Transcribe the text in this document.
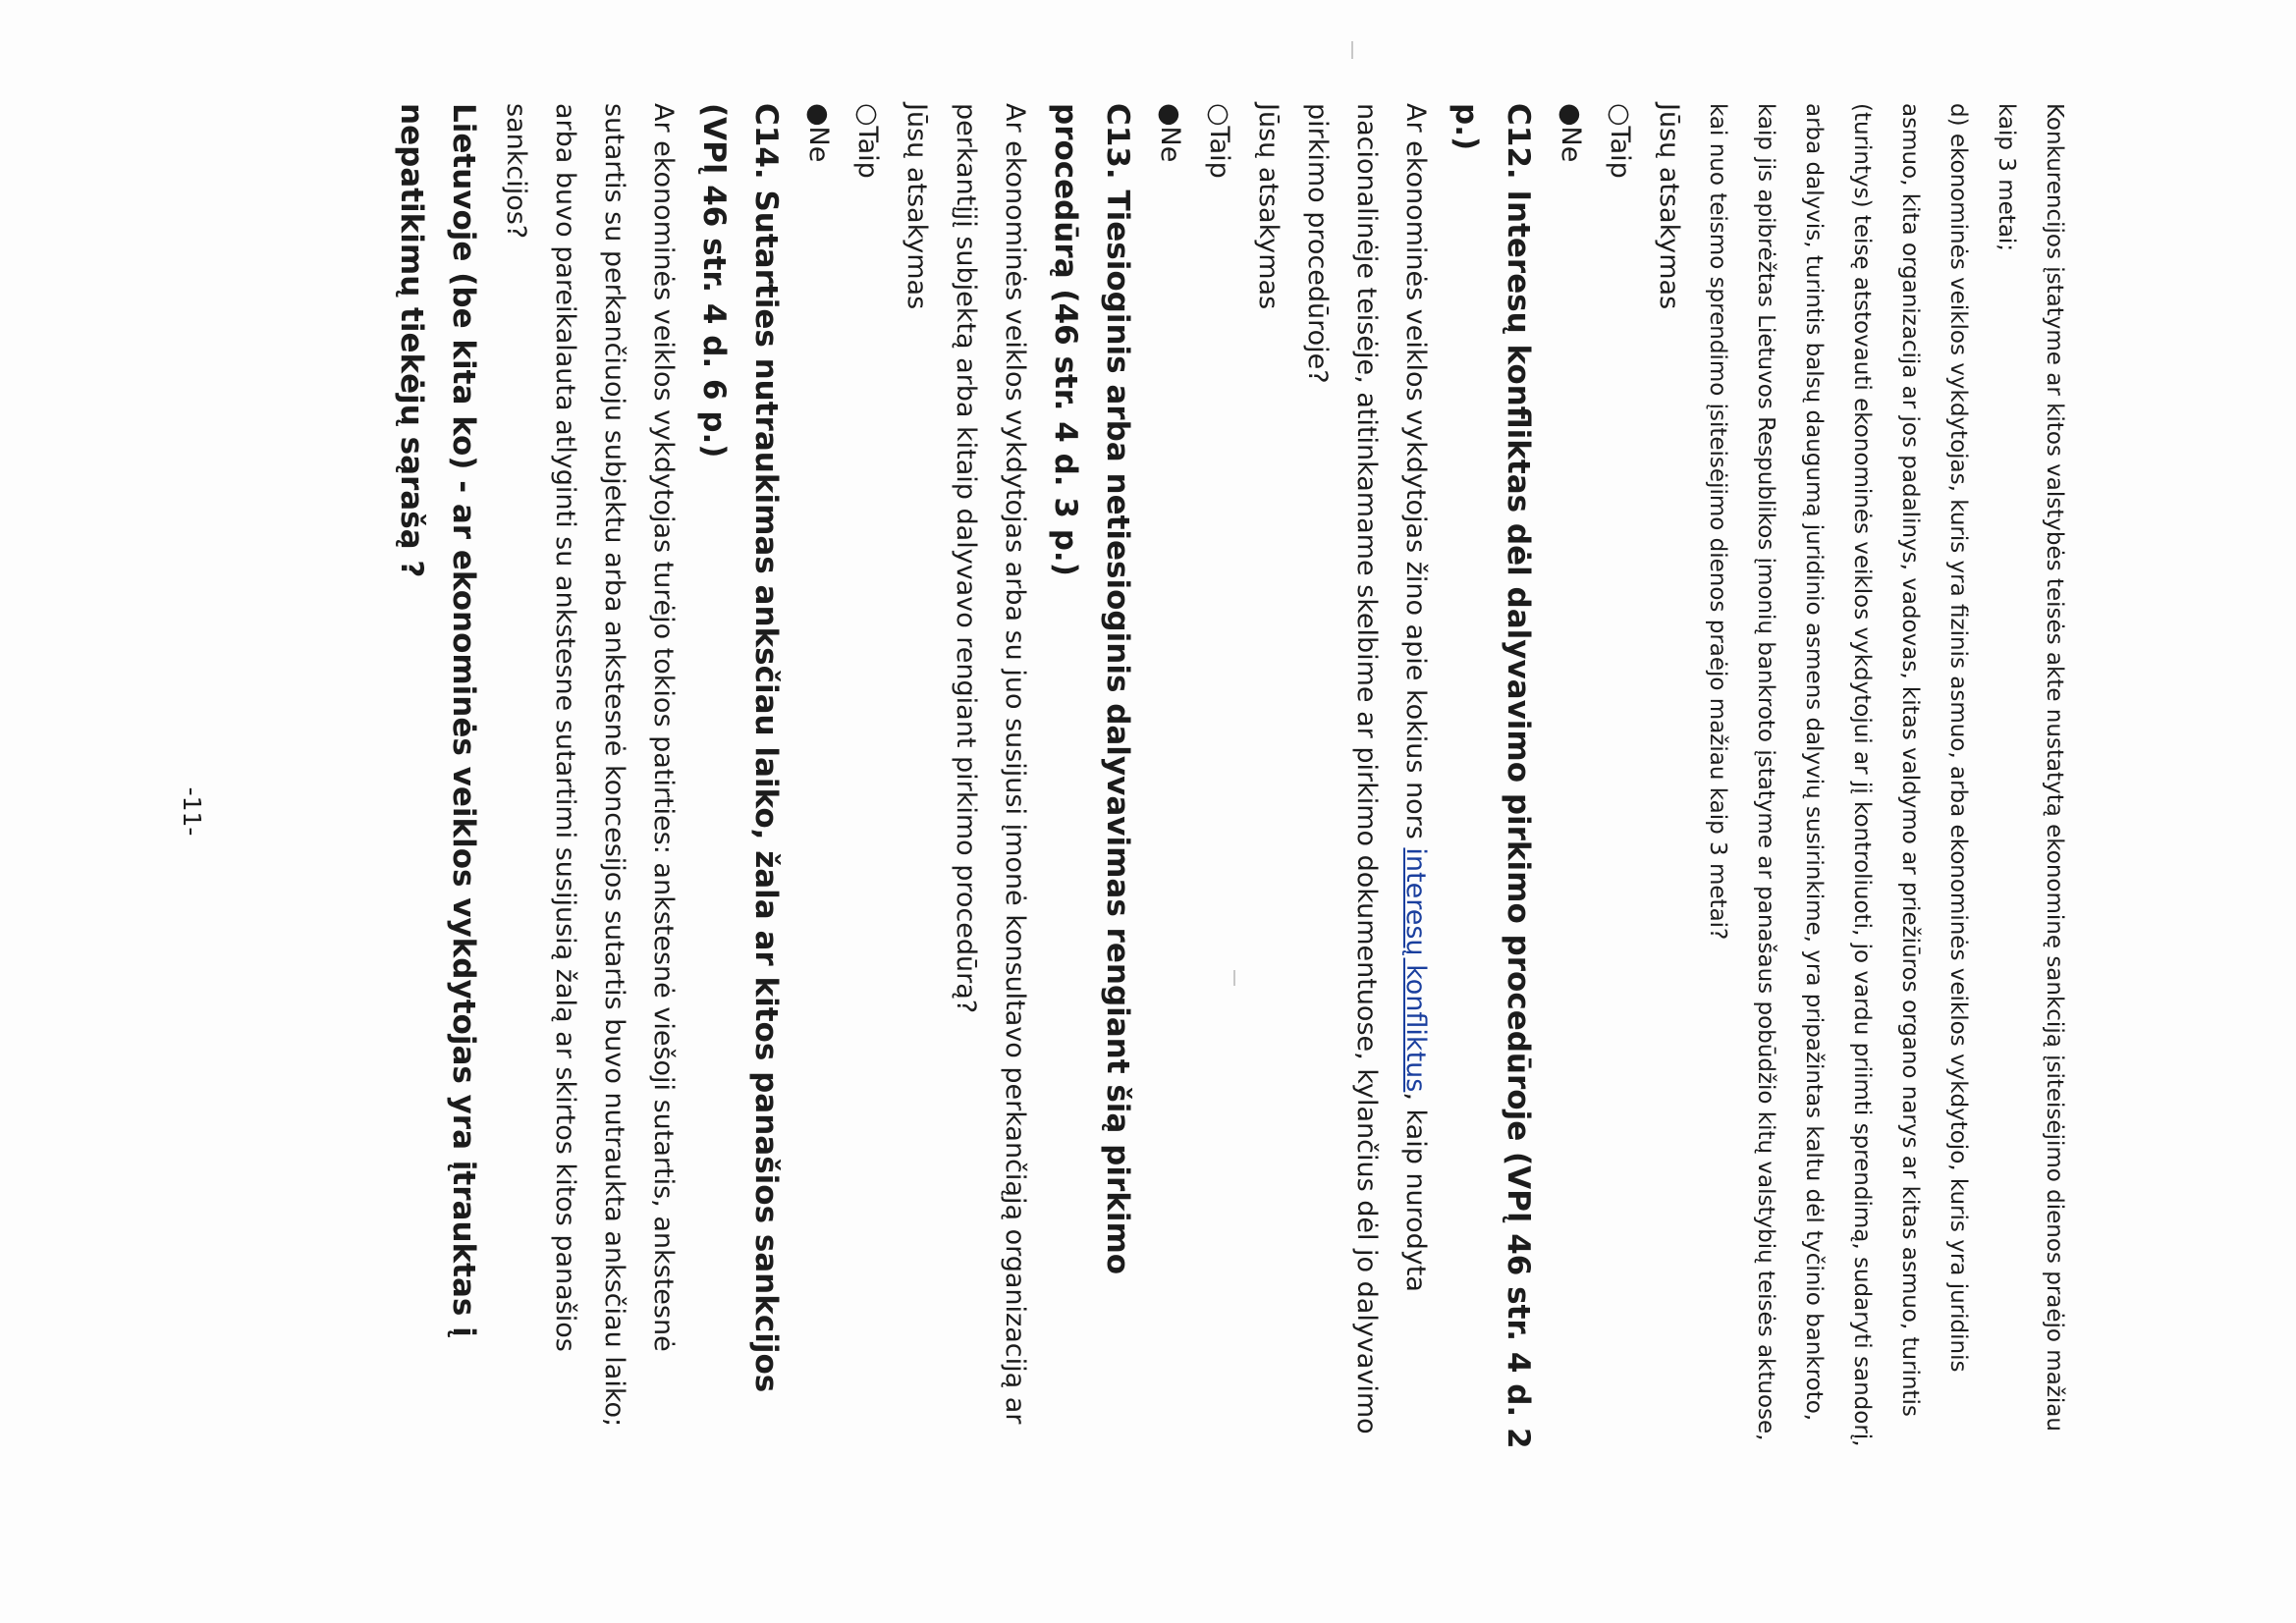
Konkurencijos įstatyme ar kitos valstybės teisės akte nustatytą ekonominę sankciją įsiteisėjimo dienos praėjo mažiau kaip 3 metai;

d) ekonominės veiklos vykdytojas, kuris yra fizinis asmuo, arba ekonominės veiklos vykdytojo, kuris yra juridinis asmuo, kita organizacija ar jos padalinys, vadovas, kitas valdymo ar priežiūros organo narys ar kitas asmuo, turintis (turintys) teisę atstovauti ekonominės veiklos vykdytojui ar jį kontroliuoti, jo vardu priimti sprendimą, sudaryti sandorį, arba dalyvis, turintis balsų daugumą juridinio asmens dalyvių susirinkime, yra pripažintas kaltu dėl tyčinio bankroto, kaip jis apibrėžtas Lietuvos Respublikos įmonių bankroto įstatyme ar panašaus pobūdžio kitų valstybių teisės aktuose, kai nuo teismo sprendimo įsiteisėjimo dienos praėjo mažiau kaip 3 metai?

Jūsų atsakymas

○Taip

●Ne

C12. Interesų konfliktas dėl dalyvavimo pirkimo procedūroje (VPĮ 46 str. 4 d. 2 p.)

Ar ekonominės veiklos vykdytojas žino apie kokius nors interesų konfliktus, kaip nurodyta nacionalinėje teisėje, atitinkamame skelbime ar pirkimo dokumentuose, kylančius dėl jo dalyvavimo pirkimo procedūroje?

Jūsų atsakymas

○Taip

●Ne

C13. Tiesioginis arba netiesioginis dalyvavimas rengiant šią pirkimo procedūrą (46 str. 4 d. 3 p.)

Ar ekonominės veiklos vykdytojas arba su juo susijusi įmonė konsultavo perkančiąją organizaciją ar perkantįjį subjektą arba kitaip dalyvavo rengiant pirkimo procedūrą?

Jūsų atsakymas

○Taip

●Ne

C14. Sutarties nutraukimas anksčiau laiko, žala ar kitos panašios sankcijos (VPĮ 46 str. 4 d. 6 p.)

Ar ekonominės veiklos vykdytojas turėjo tokios patirties: ankstesnė viešoji sutartis, ankstesnė sutartis su perkančiuoju subjektu arba ankstesnė koncesijos sutartis buvo nutraukta anksčiau laiko; arba buvo pareikalauta atlyginti su ankstesne sutartimi susijusią žalą ar skirtos kitos panašios sankcijos?

Lietuvoje (be kita ko) - ar ekonominės veiklos vykdytojas yra įtrauktas į nepatikimų tiekėjų sąrašą ?

-11-
